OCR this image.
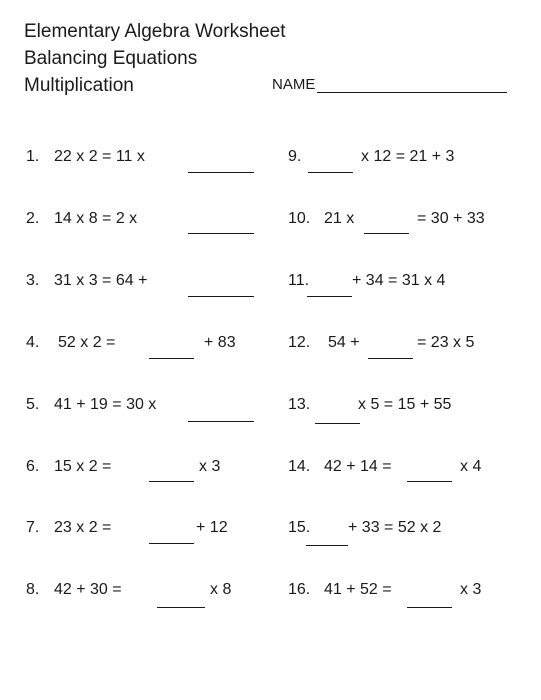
Elementary Algebra Worksheet
Balancing Equations
Multiplication	NAME
1. 22 x 2 = 11 x
2. 14 x 8 = 2 x
3. 31 x 3 = 64 +
4. 52 x 2 =	+ 83
5. 41 + 19 = 30 x
6. 15 x 2 =	x 3
7. 23 x 2 =	+ 12
8. 42 + 30 =	x 8
9.	x 12 = 21 + 3
10. 21 x	= 30 + 33
11.	+ 34 = 31 x 4
12. 54 +	= 23 x 5
13.	x 5 = 15 + 55
14. 42 + 14 =	x 4
15. + 33 = 52 x 2
16. 41 + 52 =	x 3
